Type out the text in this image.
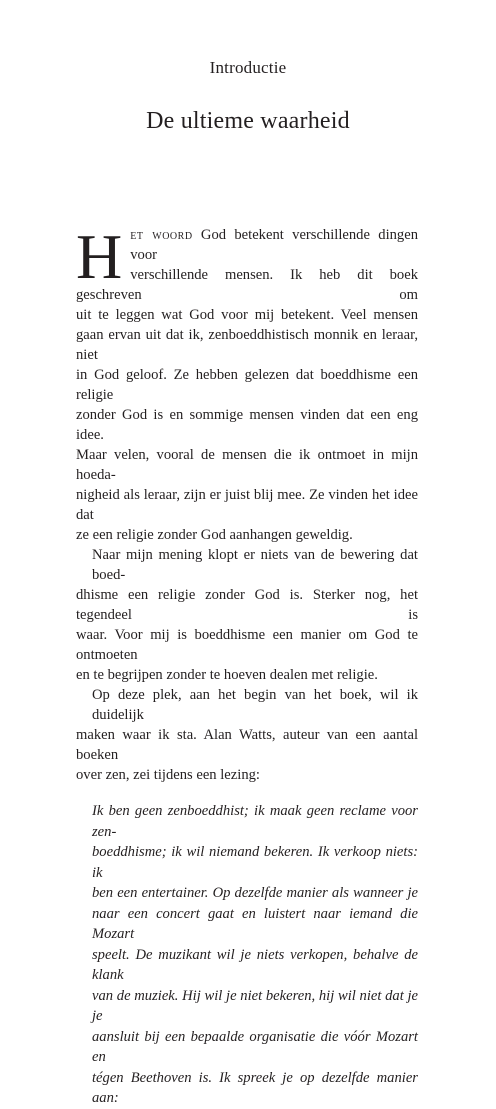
Introductie
De ultieme waarheid

H et woord God betekent verschillende dingen voor
verschillende mensen. Ik heb dit boek geschreven om
uit te leggen wat God voor mij betekent. Veel mensen
gaan ervan uit dat ik, zenboeddhistisch monnik en leraar, niet
in God geloof. Ze hebben gelezen dat boeddhisme een religie
zonder God is en sommige mensen vinden dat een eng idee.
Maar velen, vooral de mensen die ik ontmoet in mijn hoeda-
nigheid als leraar, zijn er juist blij mee. Ze vinden het idee dat
ze een religie zonder God aanhangen geweldig.

Naar mijn mening klopt er niets van de bewering dat boed-
dhisme een religie zonder God is. Sterker nog, het tegendeel is
waar. Voor mij is boeddhisme een manier om God te ontmoeten
en te begrijpen zonder te hoeven dealen met religie.

Op deze plek, aan het begin van het boek, wil ik duidelijk
maken waar ik sta. Alan Watts, auteur van een aantal boeken
over zen, zei tijdens een lezing:

Ik ben geen zenboeddhist; ik maak geen reclame voor zen-
boeddhisme; ik wil niemand bekeren. Ik verkoop niets: ik
ben een entertainer. Op dezelfde manier als wanneer je
naar een concert gaat en luistert naar iemand die Mozart
speelt. De muzikant wil je niets verkopen, behalve de klank
van de muziek. Hij wil je niet bekeren, hij wil niet dat je je
aansluit bij een bepaalde organisatie die vóór Mozart en
tégen Beethoven is. Ik spreek je op dezelfde manier aan:
